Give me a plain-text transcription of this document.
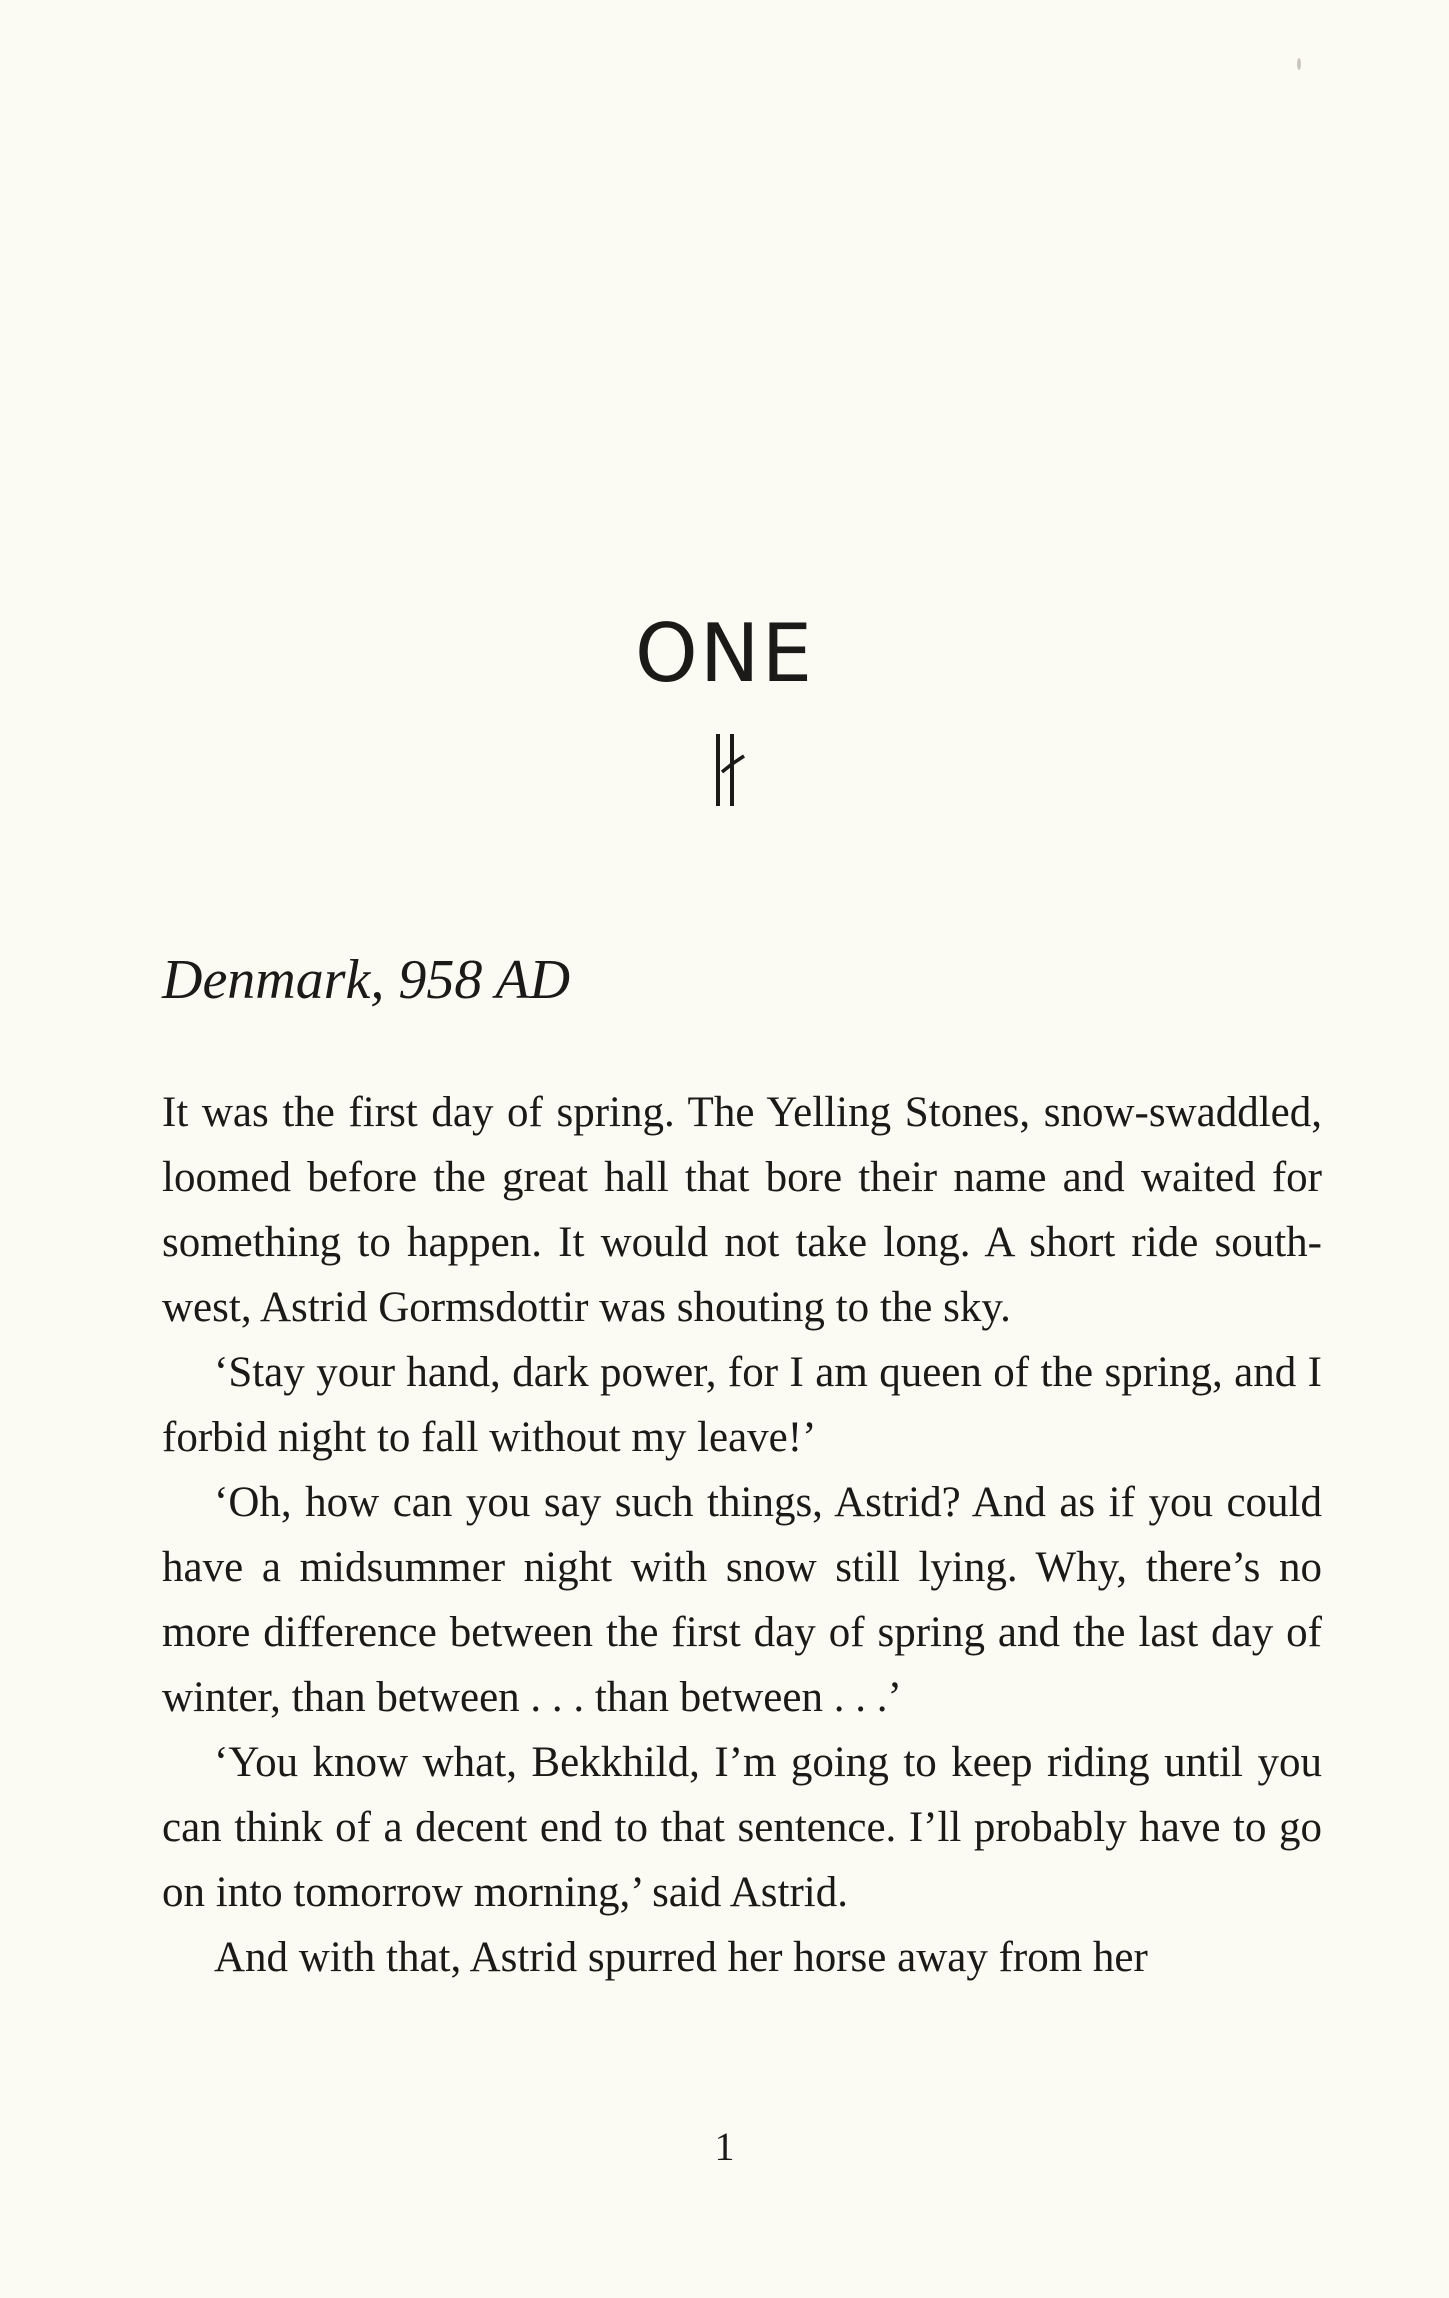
ONE
Denmark, 958 AD

It was the first day of spring. The Yelling Stones, snow-swaddled, loomed before the great hall that bore their name and waited for something to happen. It would not take long. A short ride south-west, Astrid Gormsdottir was shouting to the sky.

‘Stay your hand, dark power, for I am queen of the spring, and I forbid night to fall without my leave!’

‘Oh, how can you say such things, Astrid? And as if you could have a midsummer night with snow still lying. Why, there’s no more difference between the first day of spring and the last day of winter, than between . . . than between . . .’

‘You know what, Bekkhild, I’m going to keep riding until you can think of a decent end to that sentence. I’ll probably have to go on into tomorrow morning,’ said Astrid.

And with that, Astrid spurred her horse away from her

1
